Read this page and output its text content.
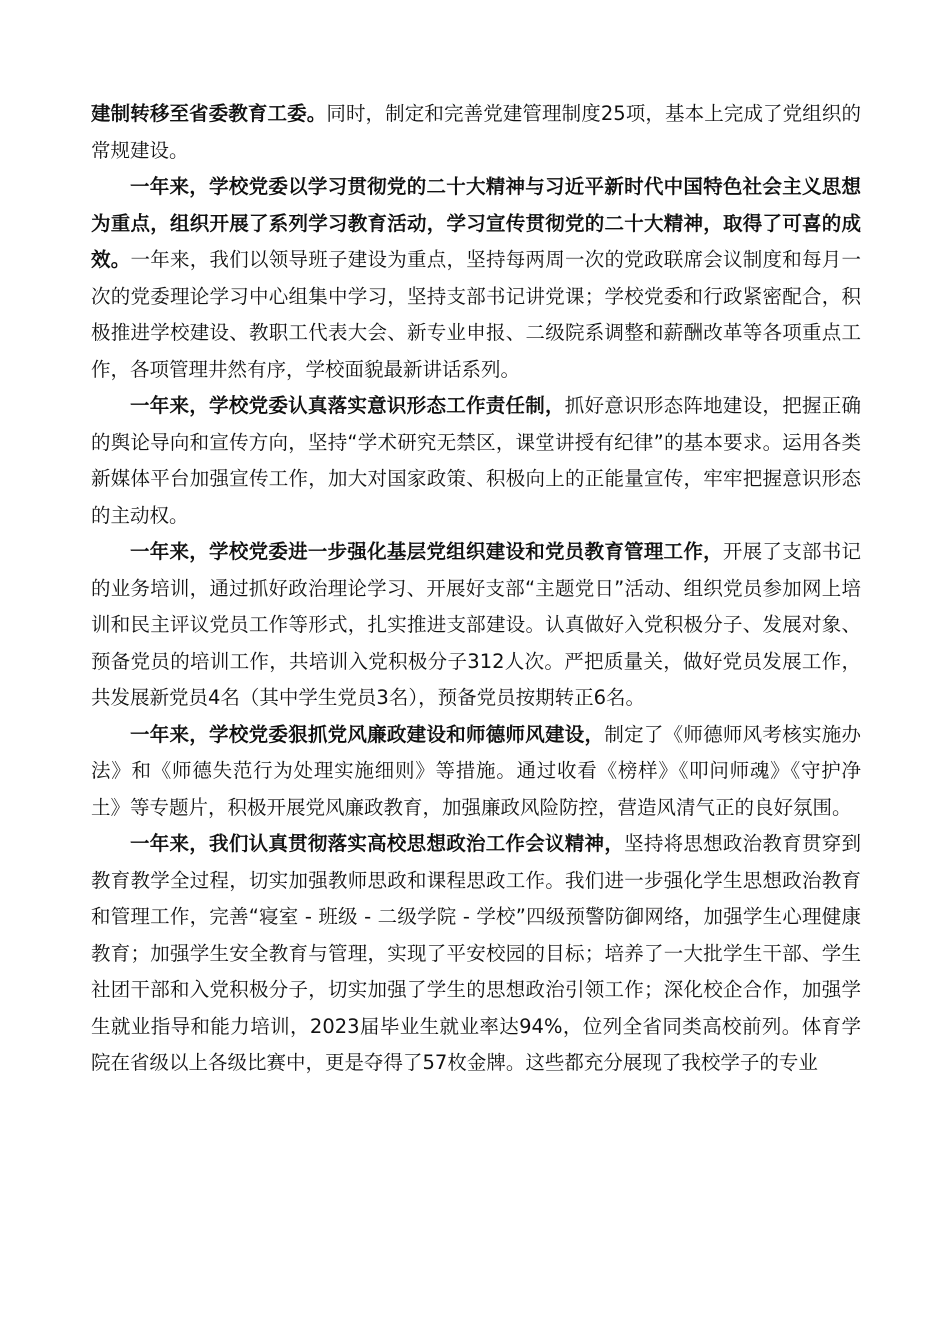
建制转移至省委教育工委。同时，制定和完善党建管理制度25项，基本上完成了党组织的常规建设。

一年来，学校党委以学习贯彻党的二十大精神与习近平新时代中国特色社会主义思想为重点，组织开展了系列学习教育活动，学习宣传贯彻党的二十大精神，取得了可喜的成效。一年来，我们以领导班子建设为重点，坚持每两周一次的党政联席会议制度和每月一次的党委理论学习中心组集中学习，坚持支部书记讲党课；学校党委和行政紧密配合，积极推进学校建设、教职工代表大会、新专业申报、二级院系调整和薪酬改革等各项重点工作，各项管理井然有序，学校面貌最新讲话系列。

一年来，学校党委认真落实意识形态工作责任制，抓好意识形态阵地建设，把握正确的舆论导向和宣传方向，坚持“学术研究无禁区，课堂讲授有纪律”的基本要求。运用各类新媒体平台加强宣传工作，加大对国家政策、积极向上的正能量宣传，牢牢把握意识形态的主动权。

一年来，学校党委进一步强化基层党组织建设和党员教育管理工作，开展了支部书记的业务培训，通过抓好政治理论学习、开展好支部“主题党日”活动、组织党员参加网上培训和民主评议党员工作等形式，扎实推进支部建设。认真做好入党积极分子、发展对象、预备党员的培训工作，共培训入党积极分子312人次。严把质量关，做好党员发展工作，共发展新党员4名（其中学生党员3名），预备党员按期转正6名。

一年来，学校党委狠抓党风廉政建设和师德师风建设，制定了《师德师风考核实施办法》和《师德失范行为处理实施细则》等措施。通过收看《榜样》《叩问师魂》《守护净土》等专题片，积极开展党风廉政教育，加强廉政风险防控，营造风清气正的良好氛围。

一年来，我们认真贯彻落实高校思想政治工作会议精神，坚持将思想政治教育贯穿到教育教学全过程，切实加强教师思政和课程思政工作。我们进一步强化学生思想政治教育和管理工作，完善“寝室 - 班级 - 二级学院 - 学校”四级预警防御网络，加强学生心理健康教育；加强学生安全教育与管理，实现了平安校园的目标；培养了一大批学生干部、学生社团干部和入党积极分子，切实加强了学生的思想政治引领工作；深化校企合作，加强学生就业指导和能力培训，2023届毕业生就业率达94%，位列全省同类高校前列。体育学院在省级以上各级比赛中，更是夺得了57枚金牌。这些都充分展现了我校学子的专业
